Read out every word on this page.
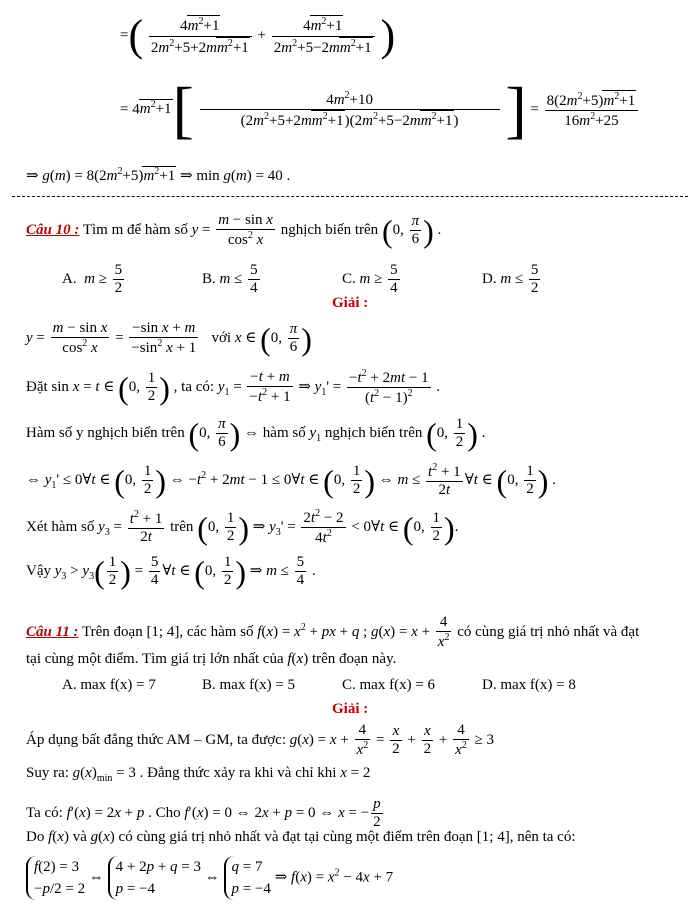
=( $\frac{4m^2+1}{2m^2+5+2mm^2+1} + \frac{4m^2+1}{2m^2+5-2mm^2+1}$ )
= $4m^2+1[ \frac{4m^2+10}{(2m^2+5+2mm^2+1)(2m^2+5-2mm^2+1)}$ ] = $\frac{8(2m^2+5)m^2+1}{16m^2+25}$
⇒ $g(m) = 8(2m^2+5)m^2+1$ ⇒ min g(m) = 40 .
Câu 10 : Tìm m để hàm số $y = \frac{\text{m − sin x}}{\cos^2 x}$ nghịch biến trên (0, $\frac{\pi}{6}$ ) .
A.  $m \ge \frac{5}{2}$	B. $m \le \frac{5}{4}$	C. $m \ge \frac{5}{4}$	D. $m \le \frac{5}{2}$
Giải :
$y = \frac{\text{m − sin x}}{\cos^2 x} = \frac{\text{−sin x + m}}{-\sin^2 x + 1}$ với x ∈ (0, $\frac{\pi}{6}$ )
Đặt sin x = t ∈ (0, $\frac{1}{2}$ ) , ta có: $y_1 = \frac{-t + m}{-t^2 + 1}$ ⇒ $y_1' = \frac{-t^2 + 2mt - 1}{(t^2 - 1)^2}$ .
Hàm số y nghịch biến trên (0, $\frac{\pi}{6}$ ) ⇔ hàm số $y_1$ nghịch biến trên (0, $\frac{1}{2}$ ) .
⇔ $y_1'$ ≤ 0∀t ∈ (0, $\frac{1}{2}$ ) ⇔ $-t^2 + 2mt - 1$ ≤ 0∀t ∈ (0, $\frac{1}{2}$ ) ⇔ $m \le \frac{t^2 + 1}{2t}$ ∀t ∈ (0, $\frac{1}{2}$ ) .
Xét hàm số $y_3 = \frac{t^2 + 1}{2t}$ trên (0, $\frac{1}{2}$ ) ⇒ $y_3' = \frac{2t^2 - 2}{4t^2}$ < 0∀t ∈ (0, $\frac{1}{2}$ ).
Vậy $y_3 > y_3( \frac{1}{2}$ ) = $\frac{5}{4}$ ∀t ∈ (0, $\frac{1}{2}$ ) ⇒ $m \le \frac{5}{4}$ .
Câu 11 : Trên đoạn [1; 4], các hàm số $f(x) = x^2$ + px + q ; $g(x) = x + \frac{4}{x^2}$ có cùng giá trị nhỏ nhất và đạt
tại cùng một điểm. Tìm giá trị lớn nhất của f(x) trên đoạn này.
A. max f(x) = 7	B. max f(x) = 5	C. max f(x) = 6	D. max f(x) = 8
Giải :
Áp dụng bất đẳng thức AM – GM, ta được: $g(x) = x + \frac{4}{x^2} = \frac{x}{2} + \frac{x}{2} + \frac{4}{x^2} \ge 3$
Suy ra: $g(x)_{min} = 3$ . Đẳng thức xảy ra khi và chỉ khi x = 2
Ta có: f′(x) = 2x + p . Cho f′(x) = 0 ⇔ 2x + p = 0 ⇔ x = − $\frac{p}{2}$
Do f(x) và g(x) có cùng giá trị nhỏ nhất và đạt tại cùng một điểm trên đoạn [1; 4], nên ta có:
f(2) = 3
−p/2 = 2
⇔
4 + 2p + q = 3
p = −4
⇔
q = 7
p = −4
⇒ $f(x) = x^2 - 4x + 7$
